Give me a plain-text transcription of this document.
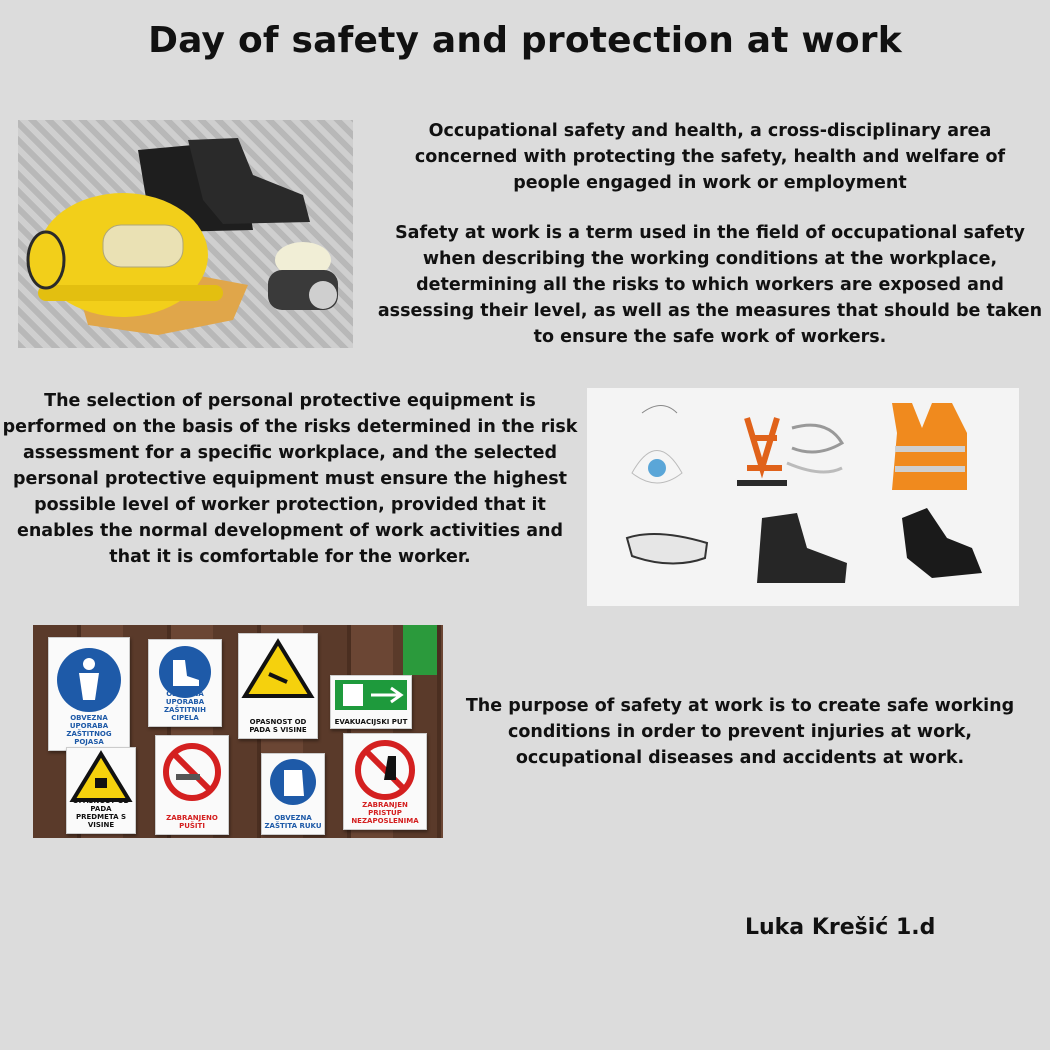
Day of safety and protection at work
Occupational safety and health, a cross-disciplinary area concerned with protecting the safety, health and welfare of people engaged in work or employment
Safety at work is a term used in the field of occupational safety when describing the working conditions at the workplace, determining all the risks to which workers are exposed and assessing their level, as well as the measures that should be taken to ensure the safe work of workers.
The selection of personal protective equipment is performed on the basis of the risks determined in the risk assessment for a specific workplace, and the selected personal protective equipment must ensure the highest possible level of worker protection, provided that it enables the normal development of work activities and that it is comfortable for the worker.
OBVEZNA UPORABA ZAŠTITNOG POJASA
OBVEZNA UPORABA ZAŠTITNIH CIPELA	OPASNOST OD PADA S VISINE
EVAKUACIJSKI PUT
OPASNOST OD PADA PREDMETA S VISINE
ZABRANJENO PUŠITI
OBVEZNA ZAŠTITA RUKU
ZABRANJEN PRISTUP NEZAPOSLENIMA
The purpose of safety at work is to create safe working conditions in order to prevent injuries at work, occupational diseases and accidents at work.
Luka Krešić 1.d
